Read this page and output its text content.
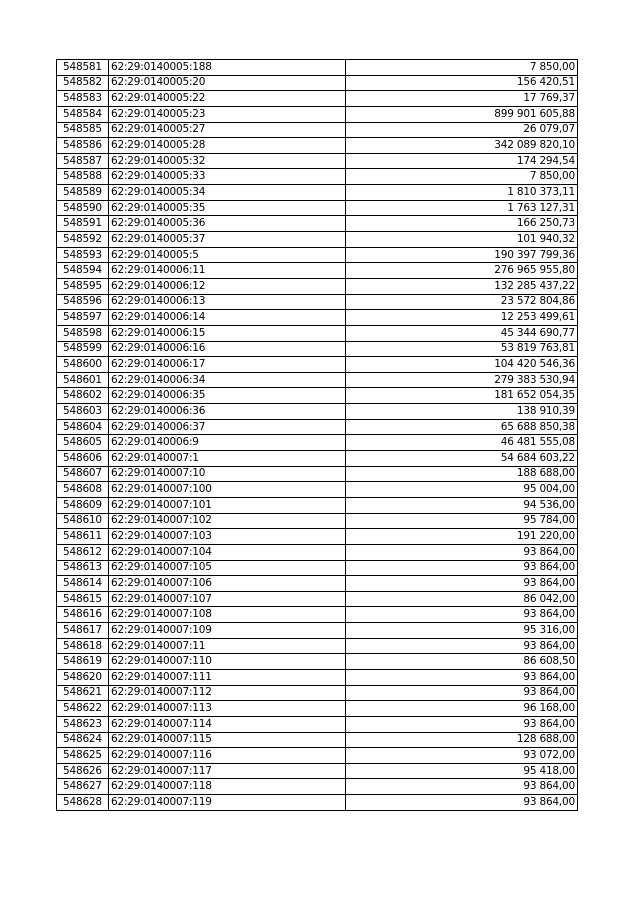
548581	62:29:0140005:188	7 850,00
548582	62:29:0140005:20	156 420,51
548583	62:29:0140005:22	17 769,37
548584	62:29:0140005:23	899 901 605,88
548585	62:29:0140005:27	26 079,07
548586	62:29:0140005:28	342 089 820,10
548587	62:29:0140005:32	174 294,54
548588	62:29:0140005:33	7 850,00
548589	62:29:0140005:34	1 810 373,11
548590	62:29:0140005:35	1 763 127,31
548591	62:29:0140005:36	166 250,73
548592	62:29:0140005:37	101 940,32
548593	62:29:0140005:5	190 397 799,36
548594	62:29:0140006:11	276 965 955,80
548595	62:29:0140006:12	132 285 437,22
548596	62:29:0140006:13	23 572 804,86
548597	62:29:0140006:14	12 253 499,61
548598	62:29:0140006:15	45 344 690,77
548599	62:29:0140006:16	53 819 763,81
548600	62:29:0140006:17	104 420 546,36
548601	62:29:0140006:34	279 383 530,94
548602	62:29:0140006:35	181 652 054,35
548603	62:29:0140006:36	138 910,39
548604	62:29:0140006:37	65 688 850,38
548605	62:29:0140006:9	46 481 555,08
548606	62:29:0140007:1	54 684 603,22
548607	62:29:0140007:10	188 688,00
548608	62:29:0140007:100	95 004,00
548609	62:29:0140007:101	94 536,00
548610	62:29:0140007:102	95 784,00
548611	62:29:0140007:103	191 220,00
548612	62:29:0140007:104	93 864,00
548613	62:29:0140007:105	93 864,00
548614	62:29:0140007:106	93 864,00
548615	62:29:0140007:107	86 042,00
548616	62:29:0140007:108	93 864,00
548617	62:29:0140007:109	95 316,00
548618	62:29:0140007:11	93 864,00
548619	62:29:0140007:110	86 608,50
548620	62:29:0140007:111	93 864,00
548621	62:29:0140007:112	93 864,00
548622	62:29:0140007:113	96 168,00
548623	62:29:0140007:114	93 864,00
548624	62:29:0140007:115	128 688,00
548625	62:29:0140007:116	93 072,00
548626	62:29:0140007:117	95 418,00
548627	62:29:0140007:118	93 864,00
548628	62:29:0140007:119	93 864,00
